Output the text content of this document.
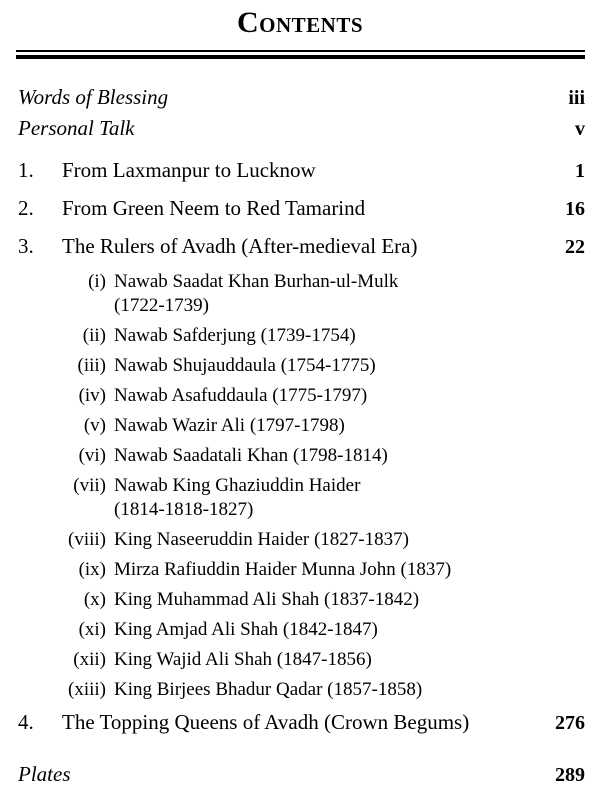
Contents
Words of Blessing	iii
Personal Talk	v
1.	From Laxmanpur to Lucknow	1
2.	From Green Neem to Red Tamarind	16
3.	The Rulers of Avadh (After-medieval Era)	22
(i) Nawab Saadat Khan Burhan-ul-Mulk
(1722-1739)
(ii) Nawab Safderjung (1739-1754)
(iii) Nawab Shujauddaula (1754-1775)
(iv) Nawab Asafuddaula (1775-1797)
(v) Nawab Wazir Ali (1797-1798)
(vi) Nawab Saadatali Khan (1798-1814)
(vii) Nawab King Ghaziuddin Haider
(1814-1818-1827)
(viii) King Naseeruddin Haider (1827-1837)
(ix) Mirza Rafiuddin Haider Munna John (1837)
(x) King Muhammad Ali Shah (1837-1842)
(xi) King Amjad Ali Shah (1842-1847)
(xii) King Wajid Ali Shah (1847-1856)
(xiii) King Birjees Bhadur Qadar (1857-1858)
4.	The Topping Queens of Avadh (Crown Begums)	276
Plates	289
